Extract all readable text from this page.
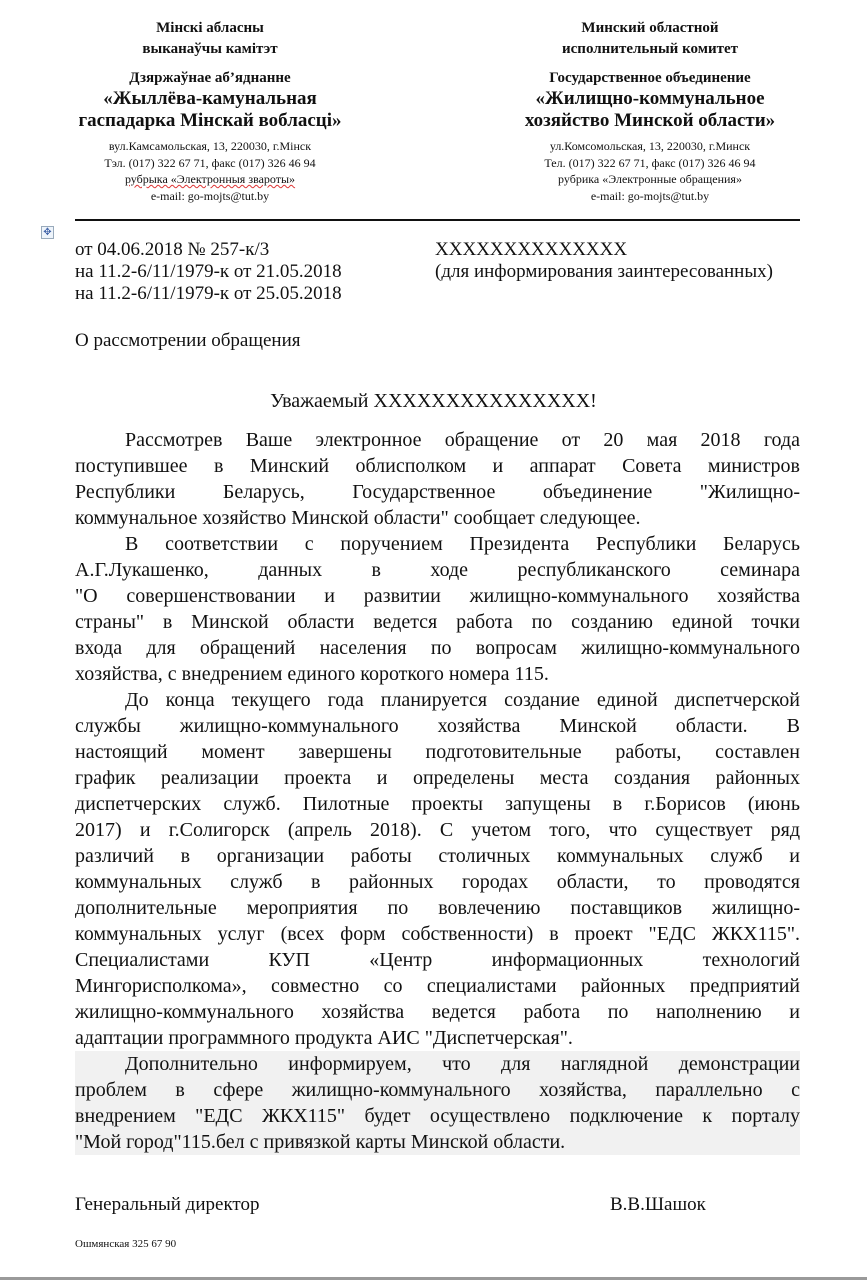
Мінскі абласны
выканаўчы камітэт
Дзяржаўнае аб’яднанне
«Жыллёва-камунальная
гаспадарка Мінскай вобласці»
вул.Камсамольская, 13, 220030, г.Мінск
Тэл. (017) 322 67 71, факс (017) 326 46 94
рубрыка «Электронныя звароты»
e-mail: go-mojts@tut.by
Минский областной
исполнительный комитет
Государственное объединение
«Жилищно-коммунальное
хозяйство Минской области»
ул.Комсомольская, 13, 220030, г.Минск
Тел. (017) 322 67 71, факс (017) 326 46 94
рубрика «Электронные обращения»
e-mail: go-mojts@tut.by
✥
от 04.06.2018 № 257-к/3
на 11.2-6/11/1979-к от 21.05.2018
на 11.2-6/11/1979-к от 25.05.2018
XXXXXXXXXXXXXX
(для информирования заинтересованных)
О рассмотрении обращения
Уважаемый XXXXXXXXXXXXXXX!
Рассмотрев Ваше электронное обращение от 20 мая 2018 года
поступившее в Минский облисполком и аппарат Совета министров
Республики Беларусь, Государственное объединение "Жилищно-
коммунальное хозяйство Минской области" сообщает следующее.
В соответствии с поручением Президента Республики Беларусь
А.Г.Лукашенко, данных в ходе республиканского семинара
"О совершенствовании и развитии жилищно-коммунального хозяйства
страны" в Минской области ведется работа по созданию единой точки
входа для обращений населения по вопросам жилищно-коммунального
хозяйства, с внедрением единого короткого номера 115.
До конца текущего года планируется создание единой диспетчерской
службы жилищно-коммунального хозяйства Минской области. В
настоящий момент завершены подготовительные работы, составлен
график реализации проекта и определены места создания районных
диспетчерских служб. Пилотные проекты запущены в г.Борисов (июнь
2017) и г.Солигорск (апрель 2018). С учетом того, что существует ряд
различий в организации работы столичных коммунальных служб и
коммунальных служб в районных городах области, то проводятся
дополнительные мероприятия по вовлечению поставщиков жилищно-
коммунальных услуг (всех форм собственности) в проект "ЕДС ЖКХ115".
Специалистами КУП «Центр информационных технологий
Мингорисполкома», совместно со специалистами районных предприятий
жилищно-коммунального хозяйства ведется работа по наполнению и
адаптации программного продукта АИС "Диспетчерская".
Дополнительно информируем, что для наглядной демонстрации
проблем в сфере жилищно-коммунального хозяйства, параллельно с
внедрением "ЕДС ЖКХ115" будет осуществлено подключение к порталу
"Мой город"115.бел с привязкой карты Минской области.
Генеральный директор	В.В.Шашок
Ошмянская 325 67 90
